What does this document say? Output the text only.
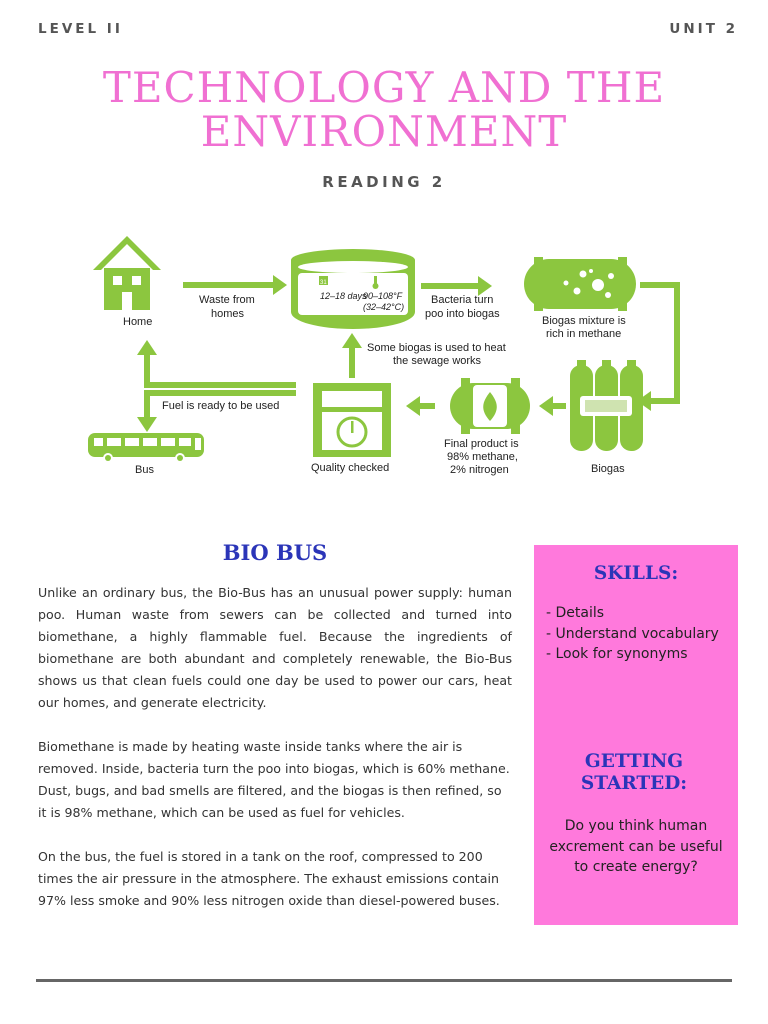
LEVEL II	UNIT 2
TECHNOLOGY AND THE ENVIRONMENT
READING 2
Home
Waste from
homes
12–18 days
90–108°F
(32–42°C)
Bacteria turn
poo into biogas
Biogas mixture is
rich in methane
Some biogas is used to heat
the sewage works
Fuel is ready to be used
Bus	Quality checked
Final product is
98% methane,
2% nitrogen	Biogas
31
BIO BUS

Unlike an ordinary bus, the Bio-Bus has an unusual power supply: human poo. Human waste from sewers can be collected and turned into biomethane, a highly flammable fuel. Because the ingredients of biomethane are both abundant and completely renewable, the Bio-Bus shows us that clean fuels could one day be used to power our cars, heat our homes, and generate electricity.

Biomethane is made by heating waste inside tanks where the air is removed. Inside, bacteria turn the poo into biogas, which is 60% methane. Dust, bugs, and bad smells are filtered, and the biogas is then refined, so it is 98% methane, which can be used as fuel for vehicles.

On the bus, the fuel is stored in a tank on the roof, compressed to 200 times the air pressure in the atmosphere. The exhaust emissions contain 97% less smoke and 90% less nitrogen oxide than diesel-powered buses.

SKILLS:
- Details
- Understand vocabulary
- Look for synonyms
GETTING STARTED:
Do you think human excrement can be useful to create energy?
